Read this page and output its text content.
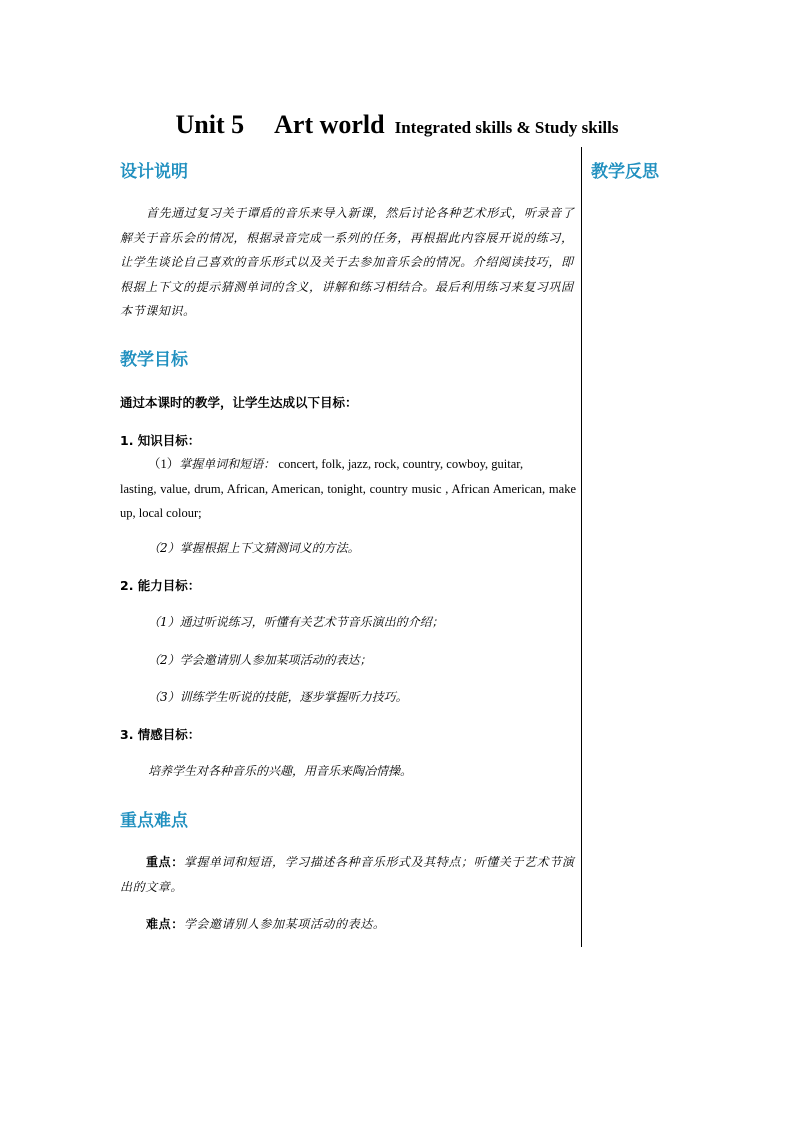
Unit 5 Art world Integrated skills & Study skills
教学反思
设计说明

首先通过复习关于谭盾的音乐来导入新课，然后讨论各种艺术形式，听录音了解关于音乐会的情况，根据录音完成一系列的任务，再根据此内容展开说的练习，让学生谈论自己喜欢的音乐形式以及关于去参加音乐会的情况。介绍阅读技巧，即根据上下文的提示猜测单词的含义，讲解和练习相结合。最后利用练习来复习巩固本节课知识。

教学目标
通过本课时的教学，让学生达成以下目标：
1. 知识目标：

（1）掌握单词和短语： concert, folk, jazz, rock, country, cowboy, guitar,
lasting, value, drum, African, American, tonight, country music , African American, make up, local colour;

（2）掌握根据上下文猜测词义的方法。
2. 能力目标：
（1）通过听说练习，听懂有关艺术节音乐演出的介绍；
（2）学会邀请别人参加某项活动的表达；
（3）训练学生听说的技能，逐步掌握听力技巧。
3. 情感目标：
培养学生对各种音乐的兴趣，用音乐来陶冶情操。
重点难点

重点：掌握单词和短语，学习描述各种音乐形式及其特点；听懂关于艺术节演出的文章。

难点：学会邀请别人参加某项活动的表达。
